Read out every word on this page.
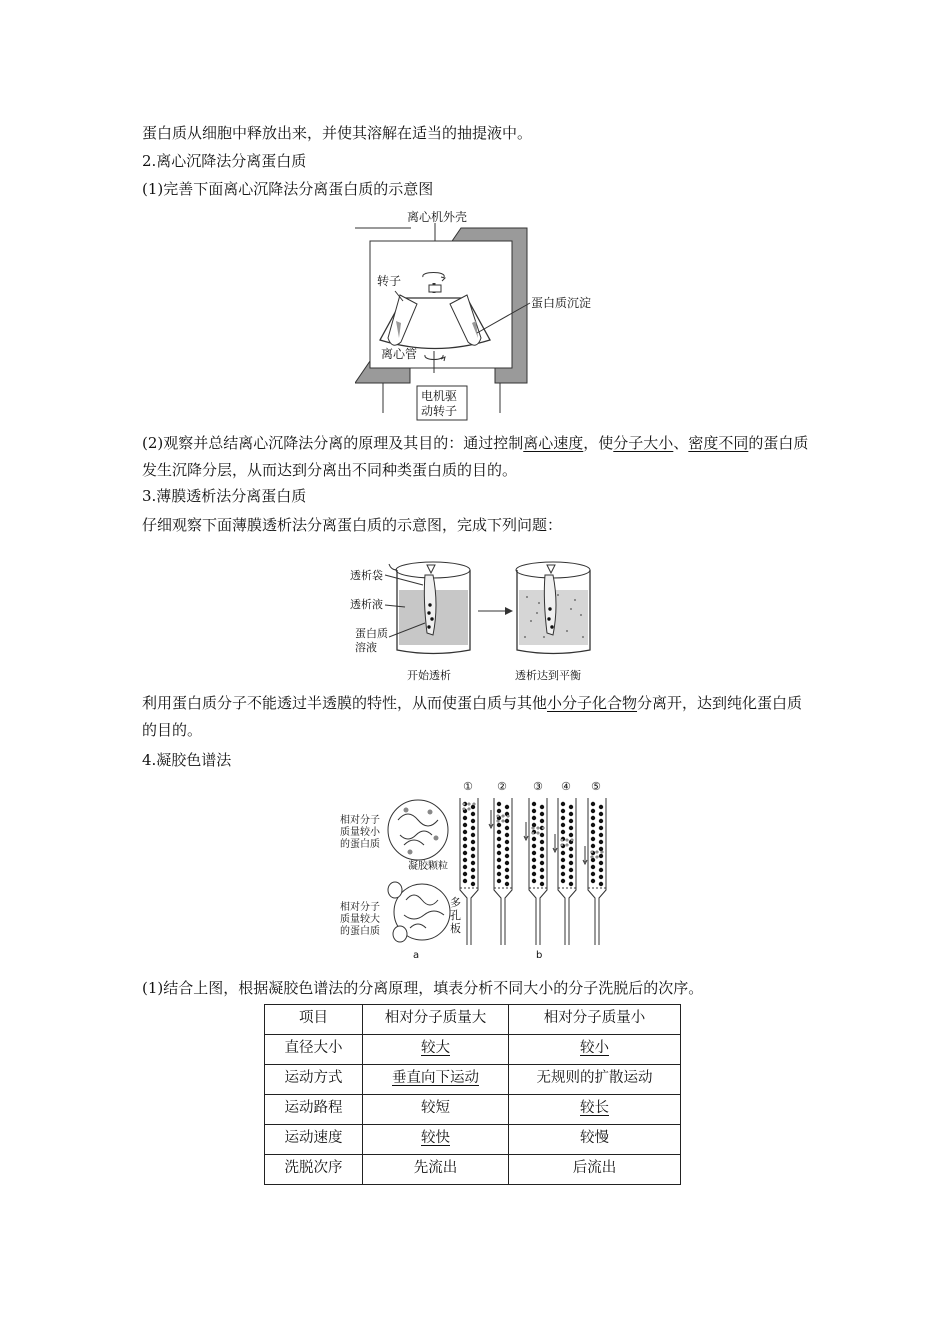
蛋白质从细胞中释放出来，并使其溶解在适当的抽提液中。
2.离心沉降法分离蛋白质
(1)完善下面离心沉降法分离蛋白质的示意图
离心机外壳
转子
蛋白质沉淀
离心管
电机驱
动转子
(2)观察并总结离心沉降法分离的原理及其目的：通过控制离心速度，使分子大小、密度不同的蛋白质发生沉降分层，从而达到分离出不同种类蛋白质的目的。
3.薄膜透析法分离蛋白质
仔细观察下面薄膜透析法分离蛋白质的示意图，完成下列问题：
透析袋
透析液
蛋白质
溶液
开始透析	透析达到平衡
利用蛋白质分子不能透过半透膜的特性，从而使蛋白质与其他小分子化合物分离开，达到纯化蛋白质的目的。
4.凝胶色谱法
相对分子
质量较小
的蛋白质
凝胶颗粒
相对分子
质量较大
的蛋白质
a
多
孔
板
b
① ② ③ ④ ⑤
(1)结合上图，根据凝胶色谱法的分离原理，填表分析不同大小的分子洗脱后的次序。
项目	相对分子质量大	相对分子质量小
直径大小	较大	较小
运动方式	垂直向下运动	无规则的扩散运动
运动路程	较短	较长
运动速度	较快	较慢
洗脱次序	先流出	后流出
